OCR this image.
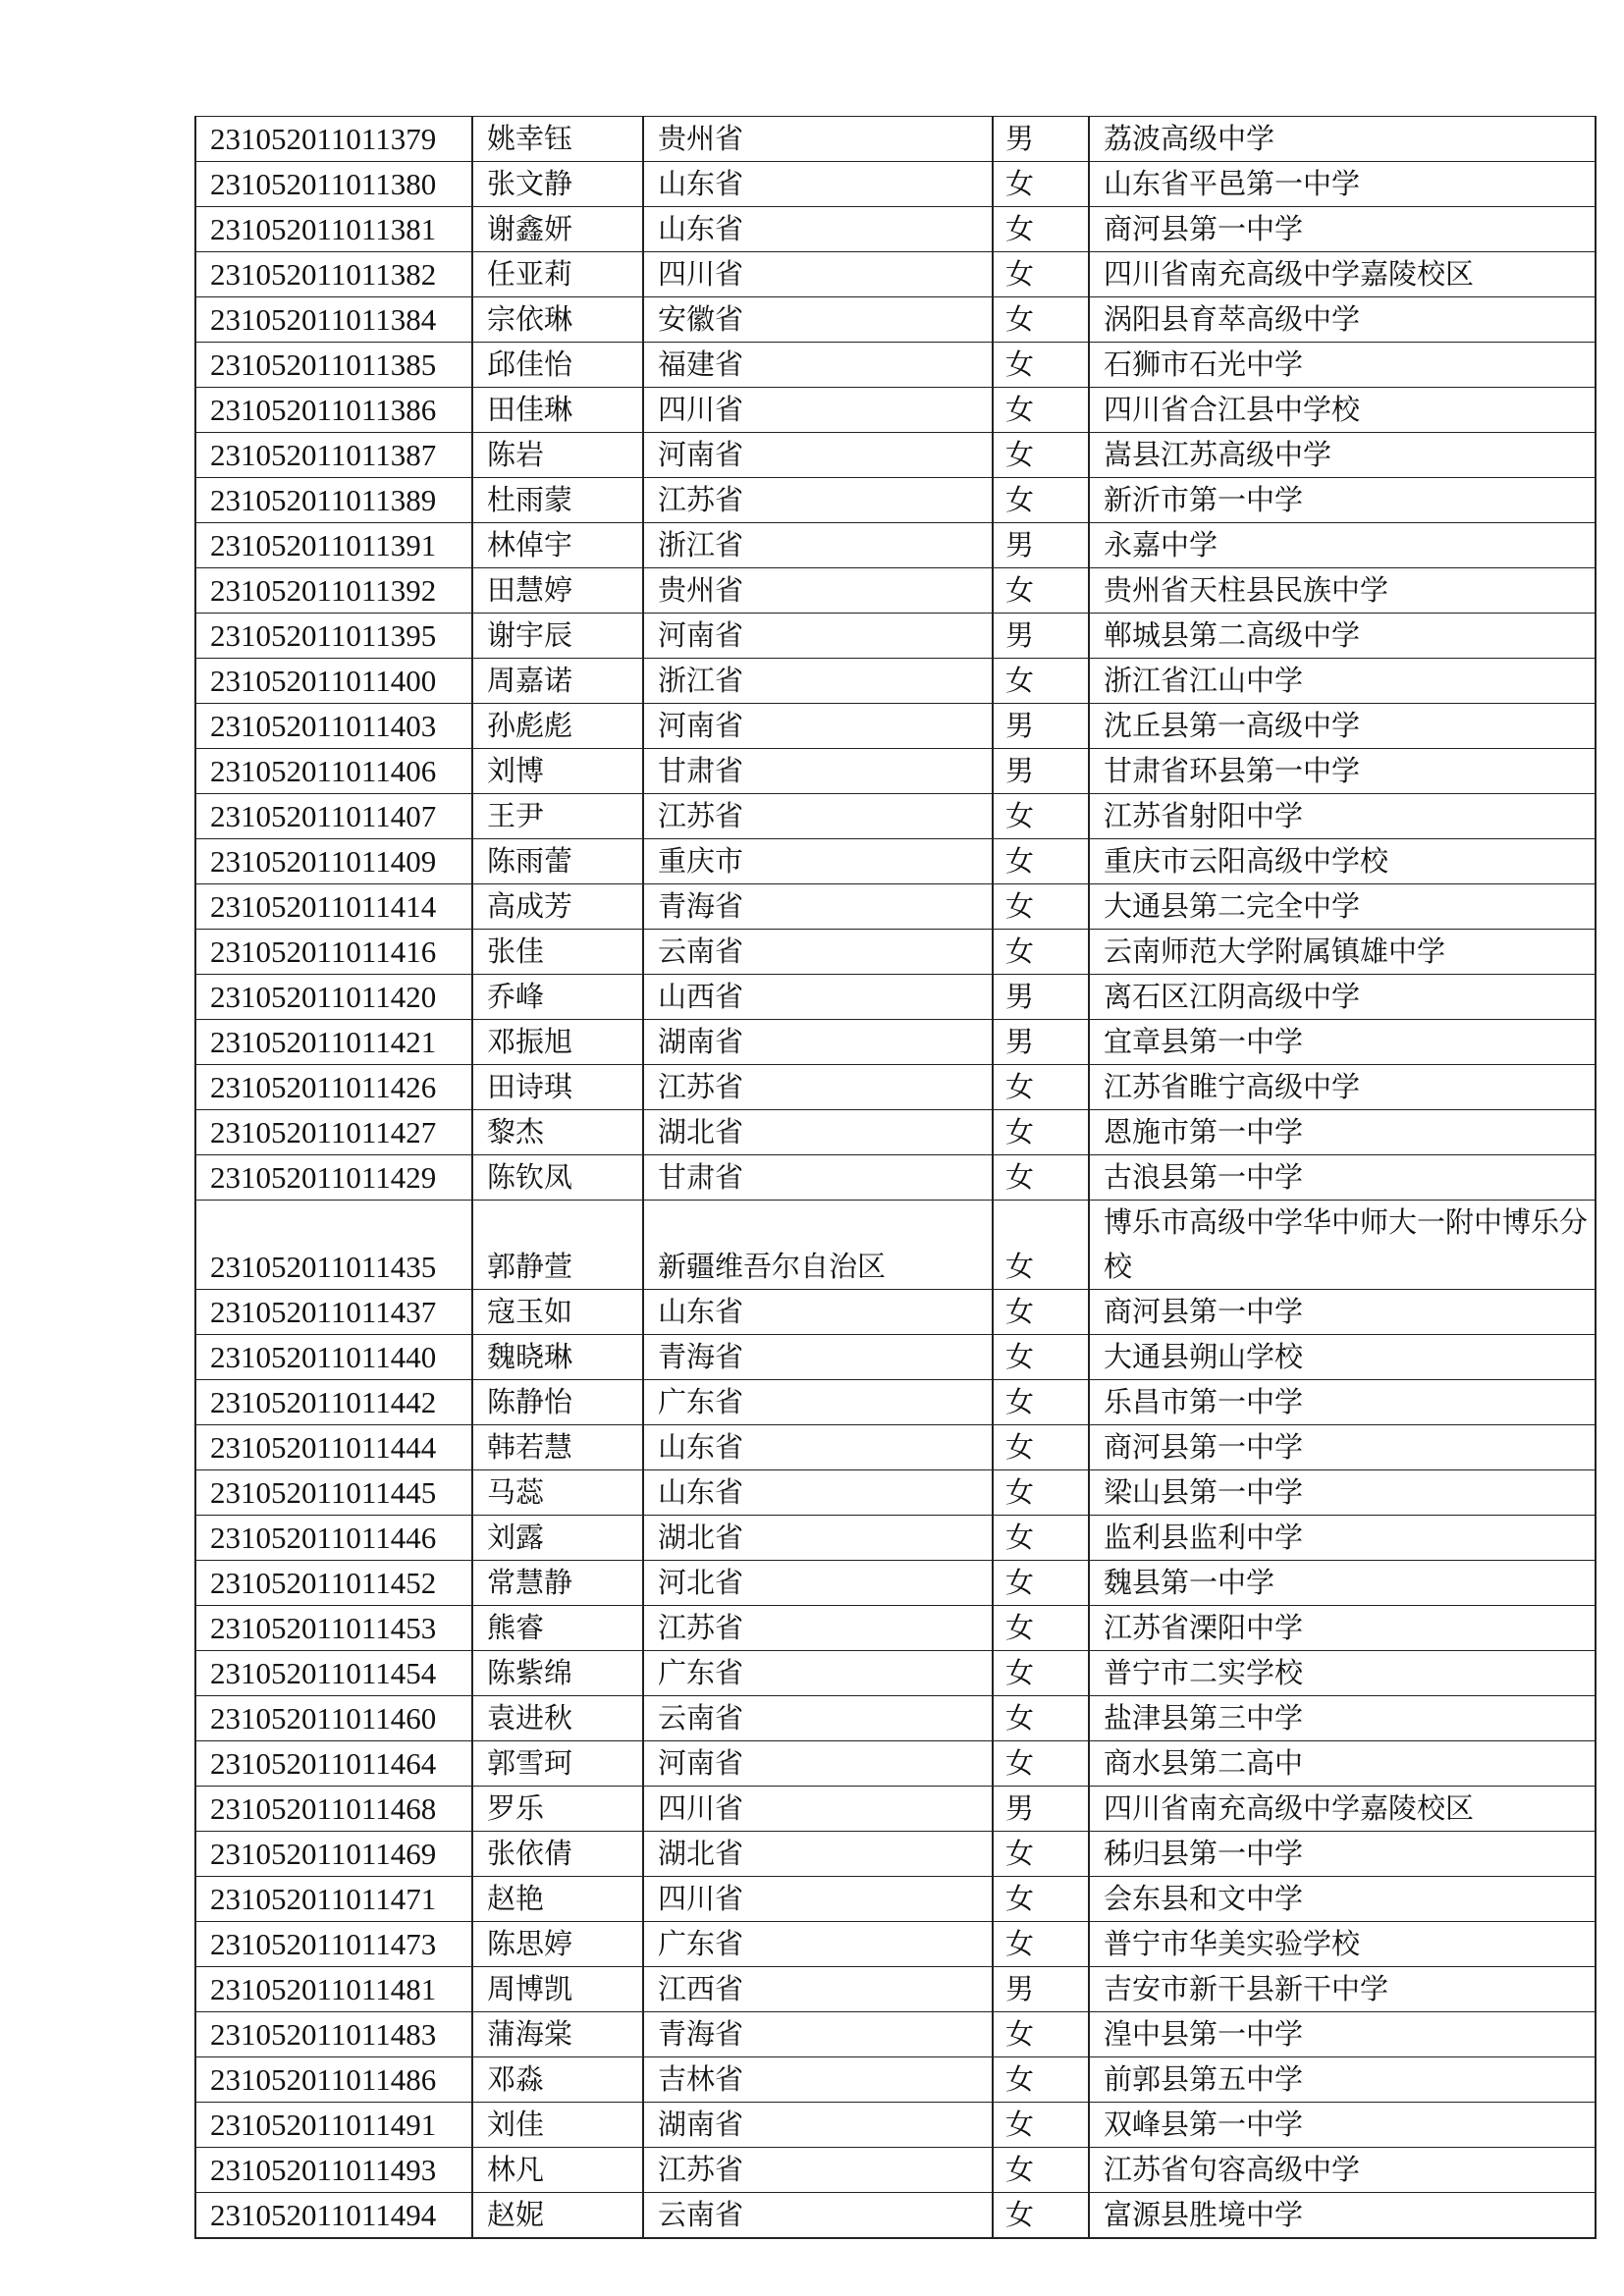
231052011011379	姚幸钰	贵州省	男	荔波高级中学
231052011011380	张文静	山东省	女	山东省平邑第一中学
231052011011381	谢鑫妍	山东省	女	商河县第一中学
231052011011382	任亚莉	四川省	女	四川省南充高级中学嘉陵校区
231052011011384	宗依琳	安徽省	女	涡阳县育萃高级中学
231052011011385	邱佳怡	福建省	女	石狮市石光中学
231052011011386	田佳琳	四川省	女	四川省合江县中学校
231052011011387	陈岩	河南省	女	嵩县江苏高级中学
231052011011389	杜雨蒙	江苏省	女	新沂市第一中学
231052011011391	林倬宇	浙江省	男	永嘉中学
231052011011392	田慧婷	贵州省	女	贵州省天柱县民族中学
231052011011395	谢宇辰	河南省	男	郸城县第二高级中学
231052011011400	周嘉诺	浙江省	女	浙江省江山中学
231052011011403	孙彪彪	河南省	男	沈丘县第一高级中学
231052011011406	刘博	甘肃省	男	甘肃省环县第一中学
231052011011407	王尹	江苏省	女	江苏省射阳中学
231052011011409	陈雨蕾	重庆市	女	重庆市云阳高级中学校
231052011011414	高成芳	青海省	女	大通县第二完全中学
231052011011416	张佳	云南省	女	云南师范大学附属镇雄中学
231052011011420	乔峰	山西省	男	离石区江阴高级中学
231052011011421	邓振旭	湖南省	男	宜章县第一中学
231052011011426	田诗琪	江苏省	女	江苏省睢宁高级中学
231052011011427	黎杰	湖北省	女	恩施市第一中学
231052011011429	陈钦凤	甘肃省	女	古浪县第一中学
231052011011435	郭静萱	新疆维吾尔自治区	女	博乐市高级中学华中师大一附中博乐分校
231052011011437	寇玉如	山东省	女	商河县第一中学
231052011011440	魏晓琳	青海省	女	大通县朔山学校
231052011011442	陈静怡	广东省	女	乐昌市第一中学
231052011011444	韩若慧	山东省	女	商河县第一中学
231052011011445	马蕊	山东省	女	梁山县第一中学
231052011011446	刘露	湖北省	女	监利县监利中学
231052011011452	常慧静	河北省	女	魏县第一中学
231052011011453	熊睿	江苏省	女	江苏省溧阳中学
231052011011454	陈紫绵	广东省	女	普宁市二实学校
231052011011460	袁进秋	云南省	女	盐津县第三中学
231052011011464	郭雪珂	河南省	女	商水县第二高中
231052011011468	罗乐	四川省	男	四川省南充高级中学嘉陵校区
231052011011469	张依倩	湖北省	女	秭归县第一中学
231052011011471	赵艳	四川省	女	会东县和文中学
231052011011473	陈思婷	广东省	女	普宁市华美实验学校
231052011011481	周博凯	江西省	男	吉安市新干县新干中学
231052011011483	蒲海棠	青海省	女	湟中县第一中学
231052011011486	邓淼	吉林省	女	前郭县第五中学
231052011011491	刘佳	湖南省	女	双峰县第一中学
231052011011493	林凡	江苏省	女	江苏省句容高级中学
231052011011494	赵妮	云南省	女	富源县胜境中学
